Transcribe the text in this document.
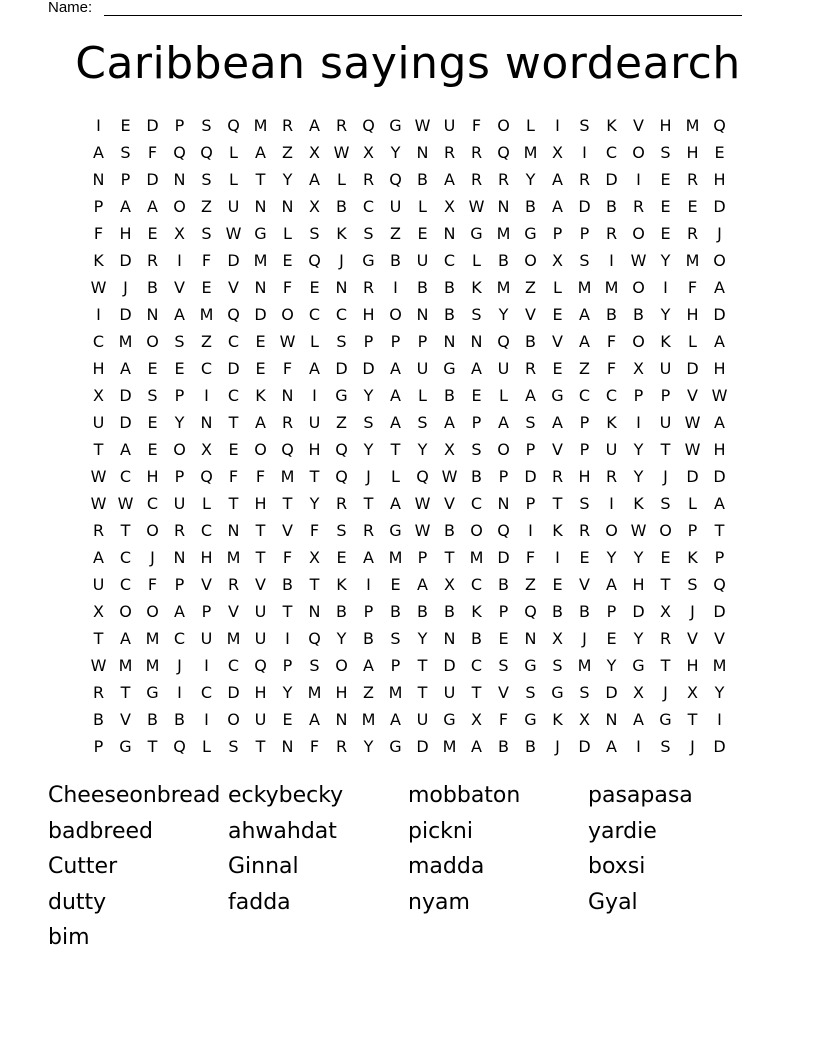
Name:
Caribbean sayings wordearch
I	E D	P	S Q M R A R Q G W U	F	O	L	I	S	K	V H M Q
A	S	F	Q Q	L	A	Z	X W X	Y	N R R Q M X	I	C O S H E
N	P	D N S	L	T	Y	A	L	R Q B	A R R	Y	A R D	I	E	R H
P	A	A O Z U N N X	B C U	L	X W N B	A D B R	E	E D
F	H E	X	S W G	L	S	K	S	Z	E N G M G P	P	R O E	R	J
K D R	I	F	D M E Q	J	G B U C	L	B O X	S	I	W Y M O
W	J	B	V	E	V N	F	E N R	I	B	B	K M Z	L M M O	I	F	A
I	D N A M Q D O C C H O N B	S	Y	V	E	A	B	B	Y	H D
C M O S	Z C	E W L	S	P	P	P	N N Q B	V	A	F	O K	L	A
H A	E	E	C D E	F	A D D A U G A U R	E	Z	F	X U D H
X D S	P	I	C	K N	I	G Y	A	L	B	E	L	A G C C	P	P	V W
U D E	Y	N	T	A R U Z	S	A	S	A	P	A	S	A	P	K	I	U W A
T	A	E O X	E O Q H Q Y	T	Y	X	S O P	V	P	U	Y	T W H
W C H	P Q	F	F M T Q	J	L	Q W B	P	D R H R	Y	J	D D
W W C U	L	T	H	T	Y	R	T	A W V C N	P	T	S	I	K	S	L	A
R	T O R C N	T	V	F	S	R G W B O Q	I	K	R O W O P	T
A C	J	N H M T	F	X	E	A M P	T M D	F	I	E	Y	Y	E	K	P
U C	F	P	V R V	B	T	K	I	E	A	X C B	Z	E	V	A H	T	S Q
X O O A	P	V U	T	N B	P	B	B	B	K	P Q B	B	P	D X	J	D
T	A M C U M U	I	Q Y	B	S	Y	N B	E N X	J	E	Y	R V	V
W M M	J	I	C Q P	S O A	P	T D C	S G S M Y G T	H M
R	T G	I	C D H	Y M H Z M T	U	T	V	S G S D X	J	X	Y
B	V	B	B	I	O U	E	A N M A U G X	F	G K	X N A G T	I
P G T Q	L	S	T	N	F	R	Y G D M A	B	B	J	D A	I	S	J	D
Cheeseonbread eckybecky	mobbaton	pasapasa
badbreed	ahwahdat	pickni	yardie
Cutter	Ginnal	madda	boxsi
dutty	fadda	nyam	Gyal
bim
